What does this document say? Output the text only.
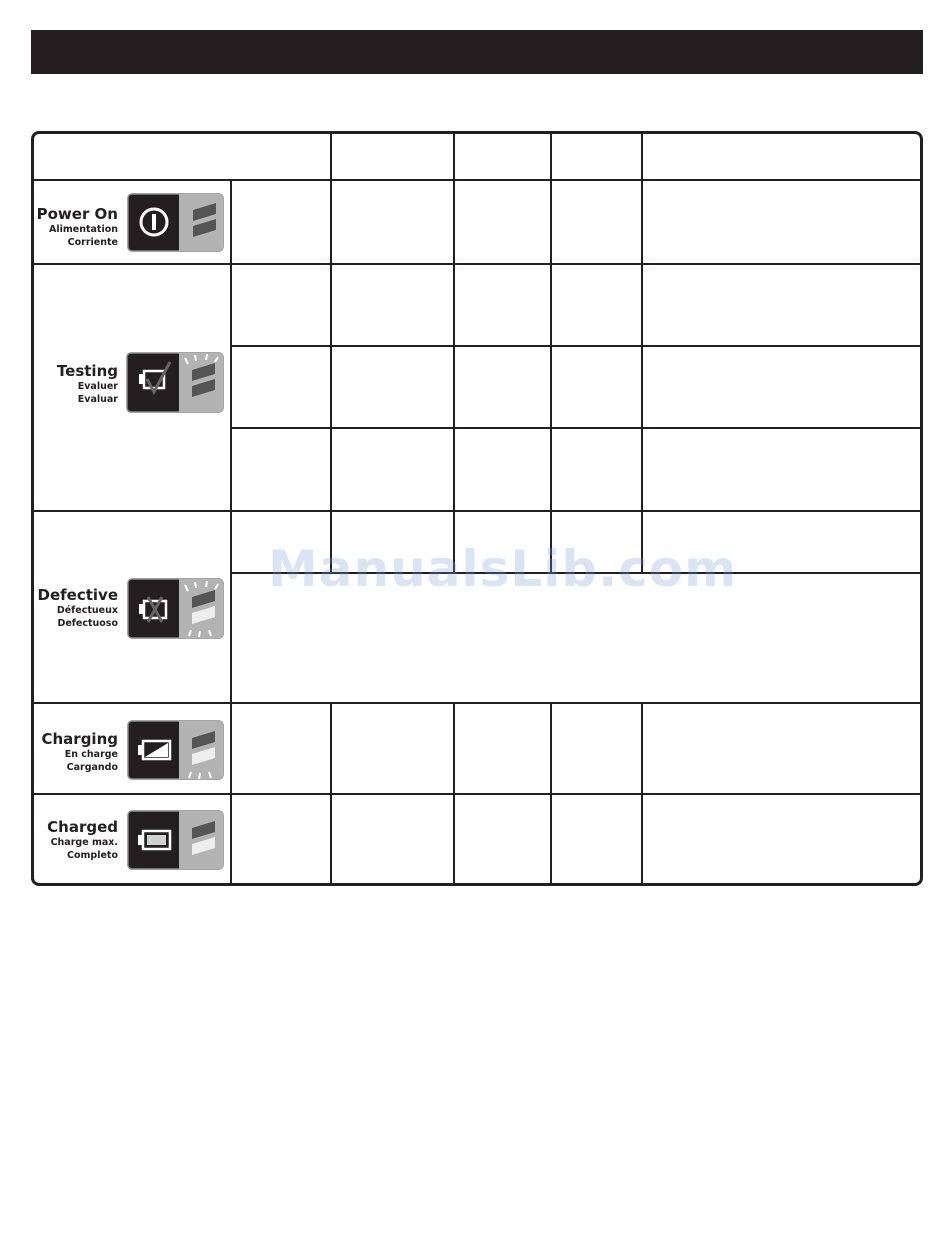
Power On
Alimentation
Corriente
Testing
Evaluer
Evaluar
Defective
Défectueux
Defectuoso
Charging
En charge
Cargando
Charged
Charge max.
Completo
ManualsLib.com
